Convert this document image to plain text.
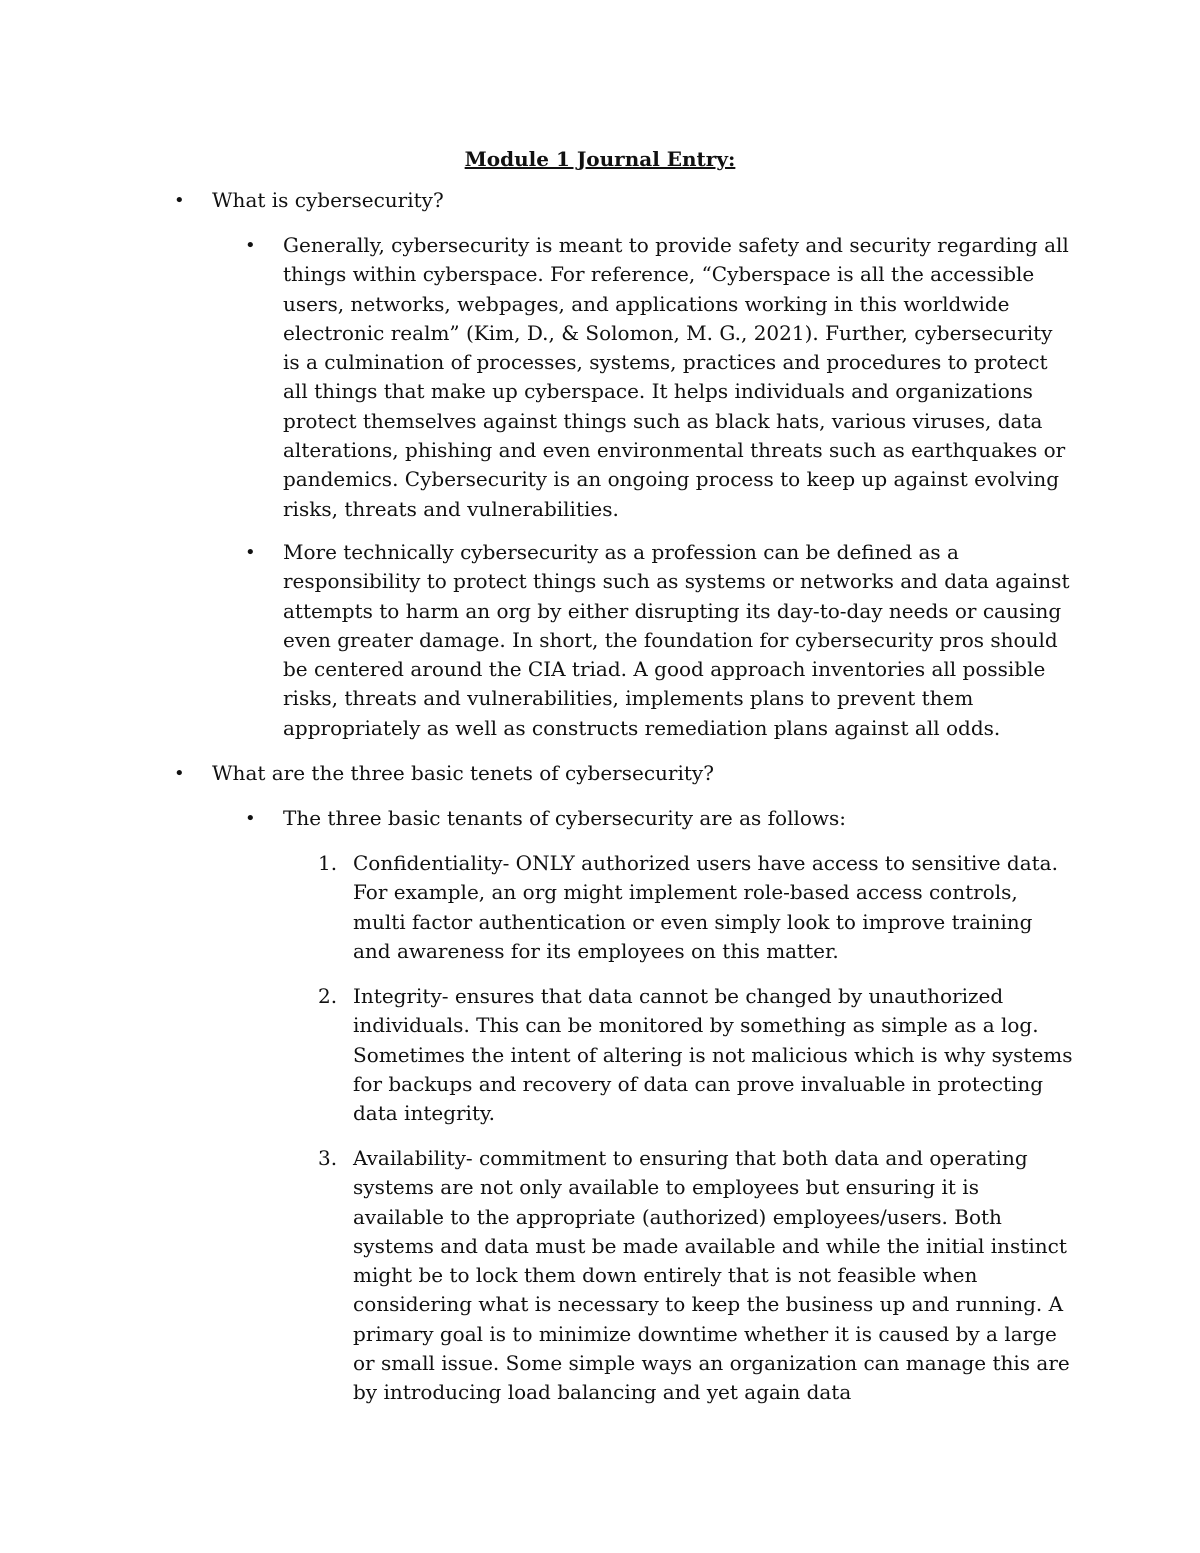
Module 1 Journal Entry:
• What is cybersecurity?
• Generally, cybersecurity is meant to provide safety and security regarding all things within cyberspace. For reference, “Cyberspace is all the accessible users, networks, webpages, and applications working in this worldwide electronic realm” (Kim, D., & Solomon, M. G., 2021). Further, cybersecurity is a culmination of processes, systems, practices and procedures to protect all things that make up cyberspace. It helps individuals and organizations protect themselves against things such as black hats, various viruses, data alterations, phishing and even environmental threats such as earthquakes or pandemics. Cybersecurity is an ongoing process to keep up against evolving risks, threats and vulnerabilities.
• More technically cybersecurity as a profession can be defined as a responsibility to protect things such as systems or networks and data against attempts to harm an org by either disrupting its day-to-day needs or causing even greater damage. In short, the foundation for cybersecurity pros should be centered around the CIA triad. A good approach inventories all possible risks, threats and vulnerabilities, implements plans to prevent them appropriately as well as constructs remediation plans against all odds.
• What are the three basic tenets of cybersecurity?
• The three basic tenants of cybersecurity are as follows:
1. Confidentiality- ONLY authorized users have access to sensitive data. For example, an org might implement role-based access controls, multi factor authentication or even simply look to improve training and awareness for its employees on this matter.
2. Integrity- ensures that data cannot be changed by unauthorized individuals. This can be monitored by something as simple as a log. Sometimes the intent of altering is not malicious which is why systems for backups and recovery of data can prove invaluable in protecting data integrity.
3. Availability- commitment to ensuring that both data and operating systems are not only available to employees but ensuring it is available to the appropriate (authorized) employees/users. Both systems and data must be made available and while the initial instinct might be to lock them down entirely that is not feasible when considering what is necessary to keep the business up and running. A primary goal is to minimize downtime whether it is caused by a large or small issue. Some simple ways an organization can manage this are by introducing load balancing and yet again data
